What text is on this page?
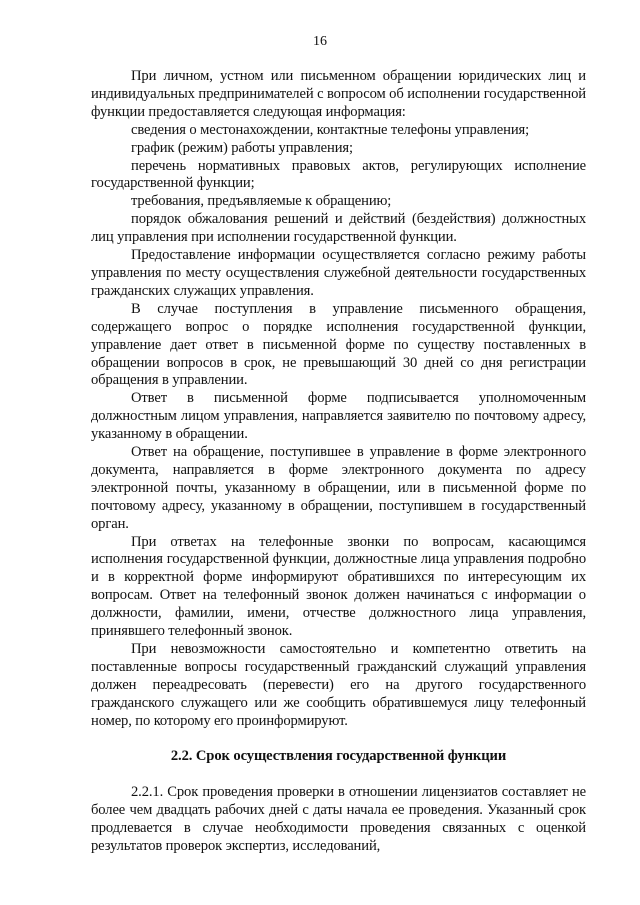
16

При личном, устном или письменном обращении юридических лиц и индивидуальных предпринимателей с вопросом об исполнении государственной функции предоставляется следующая информация:

сведения о местонахождении, контактные телефоны управления;

график (режим) работы управления;

перечень нормативных правовых актов, регулирующих исполнение государственной функции;

требования, предъявляемые к обращению;

порядок обжалования решений и действий (бездействия) должностных лиц управления при исполнении государственной функции.

Предоставление информации осуществляется согласно режиму работы управления по месту осуществления служебной деятельности государственных гражданских служащих управления.

В случае поступления в управление письменного обращения, содержащего вопрос о порядке исполнения государственной функции, управление дает ответ в письменной форме по существу поставленных в обращении вопросов в срок, не превышающий 30 дней со дня регистрации обращения в управлении.

Ответ в письменной форме подписывается уполномоченным должностным лицом управления, направляется заявителю по почтовому адресу, указанному в обращении.

Ответ на обращение, поступившее в управление в форме электронного документа, направляется в форме электронного документа по адресу электронной почты, указанному в обращении, или в письменной форме по почтовому адресу, указанному в обращении, поступившем в государственный орган.

При ответах на телефонные звонки по вопросам, касающимся исполнения государственной функции, должностные лица управления подробно и в корректной форме информируют обратившихся по интересующим их вопросам. Ответ на телефонный звонок должен начинаться с информации о должности, фамилии, имени, отчестве должностного лица управления, принявшего телефонный звонок.

При невозможности самостоятельно и компетентно ответить на поставленные вопросы государственный гражданский служащий управления должен переадресовать (перевести) его на другого государственного гражданского служащего или же сообщить обратившемуся лицу телефонный номер, по которому его проинформируют.

2.2. Срок осуществления государственной функции

2.2.1. Срок проведения проверки в отношении лицензиатов составляет не более чем двадцать рабочих дней с даты начала ее проведения. Указанный срок продлевается в случае необходимости проведения связанных с оценкой результатов проверок экспертиз, исследований,
